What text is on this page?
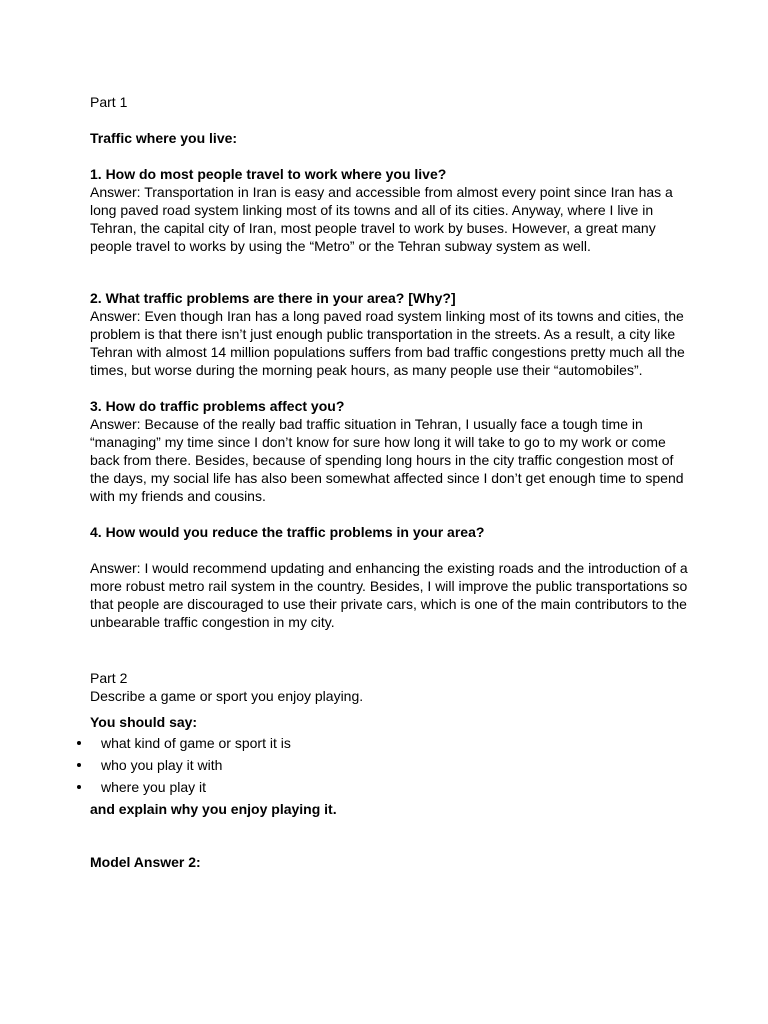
Part 1

Traffic where you live:

1. How do most people travel to work where you live?

Answer: Transportation in Iran is easy and accessible from almost every point since Iran has a long paved road system linking most of its towns and all of its cities. Anyway, where I live in Tehran, the capital city of Iran, most people travel to work by buses. However, a great many people travel to works by using the “Metro” or the Tehran subway system as well.

2. What traffic problems are there in your area? [Why?]

Answer: Even though Iran has a long paved road system linking most of its towns and cities, the problem is that there isn’t just enough public transportation in the streets. As a result, a city like Tehran with almost 14 million populations suffers from bad traffic congestions pretty much all the times, but worse during the morning peak hours, as many people use their “automobiles”.

3. How do traffic problems affect you?

Answer: Because of the really bad traffic situation in Tehran, I usually face a tough time in “managing” my time since I don’t know for sure how long it will take to go to my work or come back from there. Besides, because of spending long hours in the city traffic congestion most of the days, my social life has also been somewhat affected since I don’t get enough time to spend with my friends and cousins.

4. How would you reduce the traffic problems in your area?

Answer: I would recommend updating and enhancing the existing roads and the introduction of a more robust metro rail system in the country. Besides, I will improve the public transportations so that people are discouraged to use their private cars, which is one of the main contributors to the unbearable traffic congestion in my city.

Part 2

Describe a game or sport you enjoy playing.

You should say:

what kind of game or sport it is
who you play it with
where you play it

and explain why you enjoy playing it.

Model Answer 2:
